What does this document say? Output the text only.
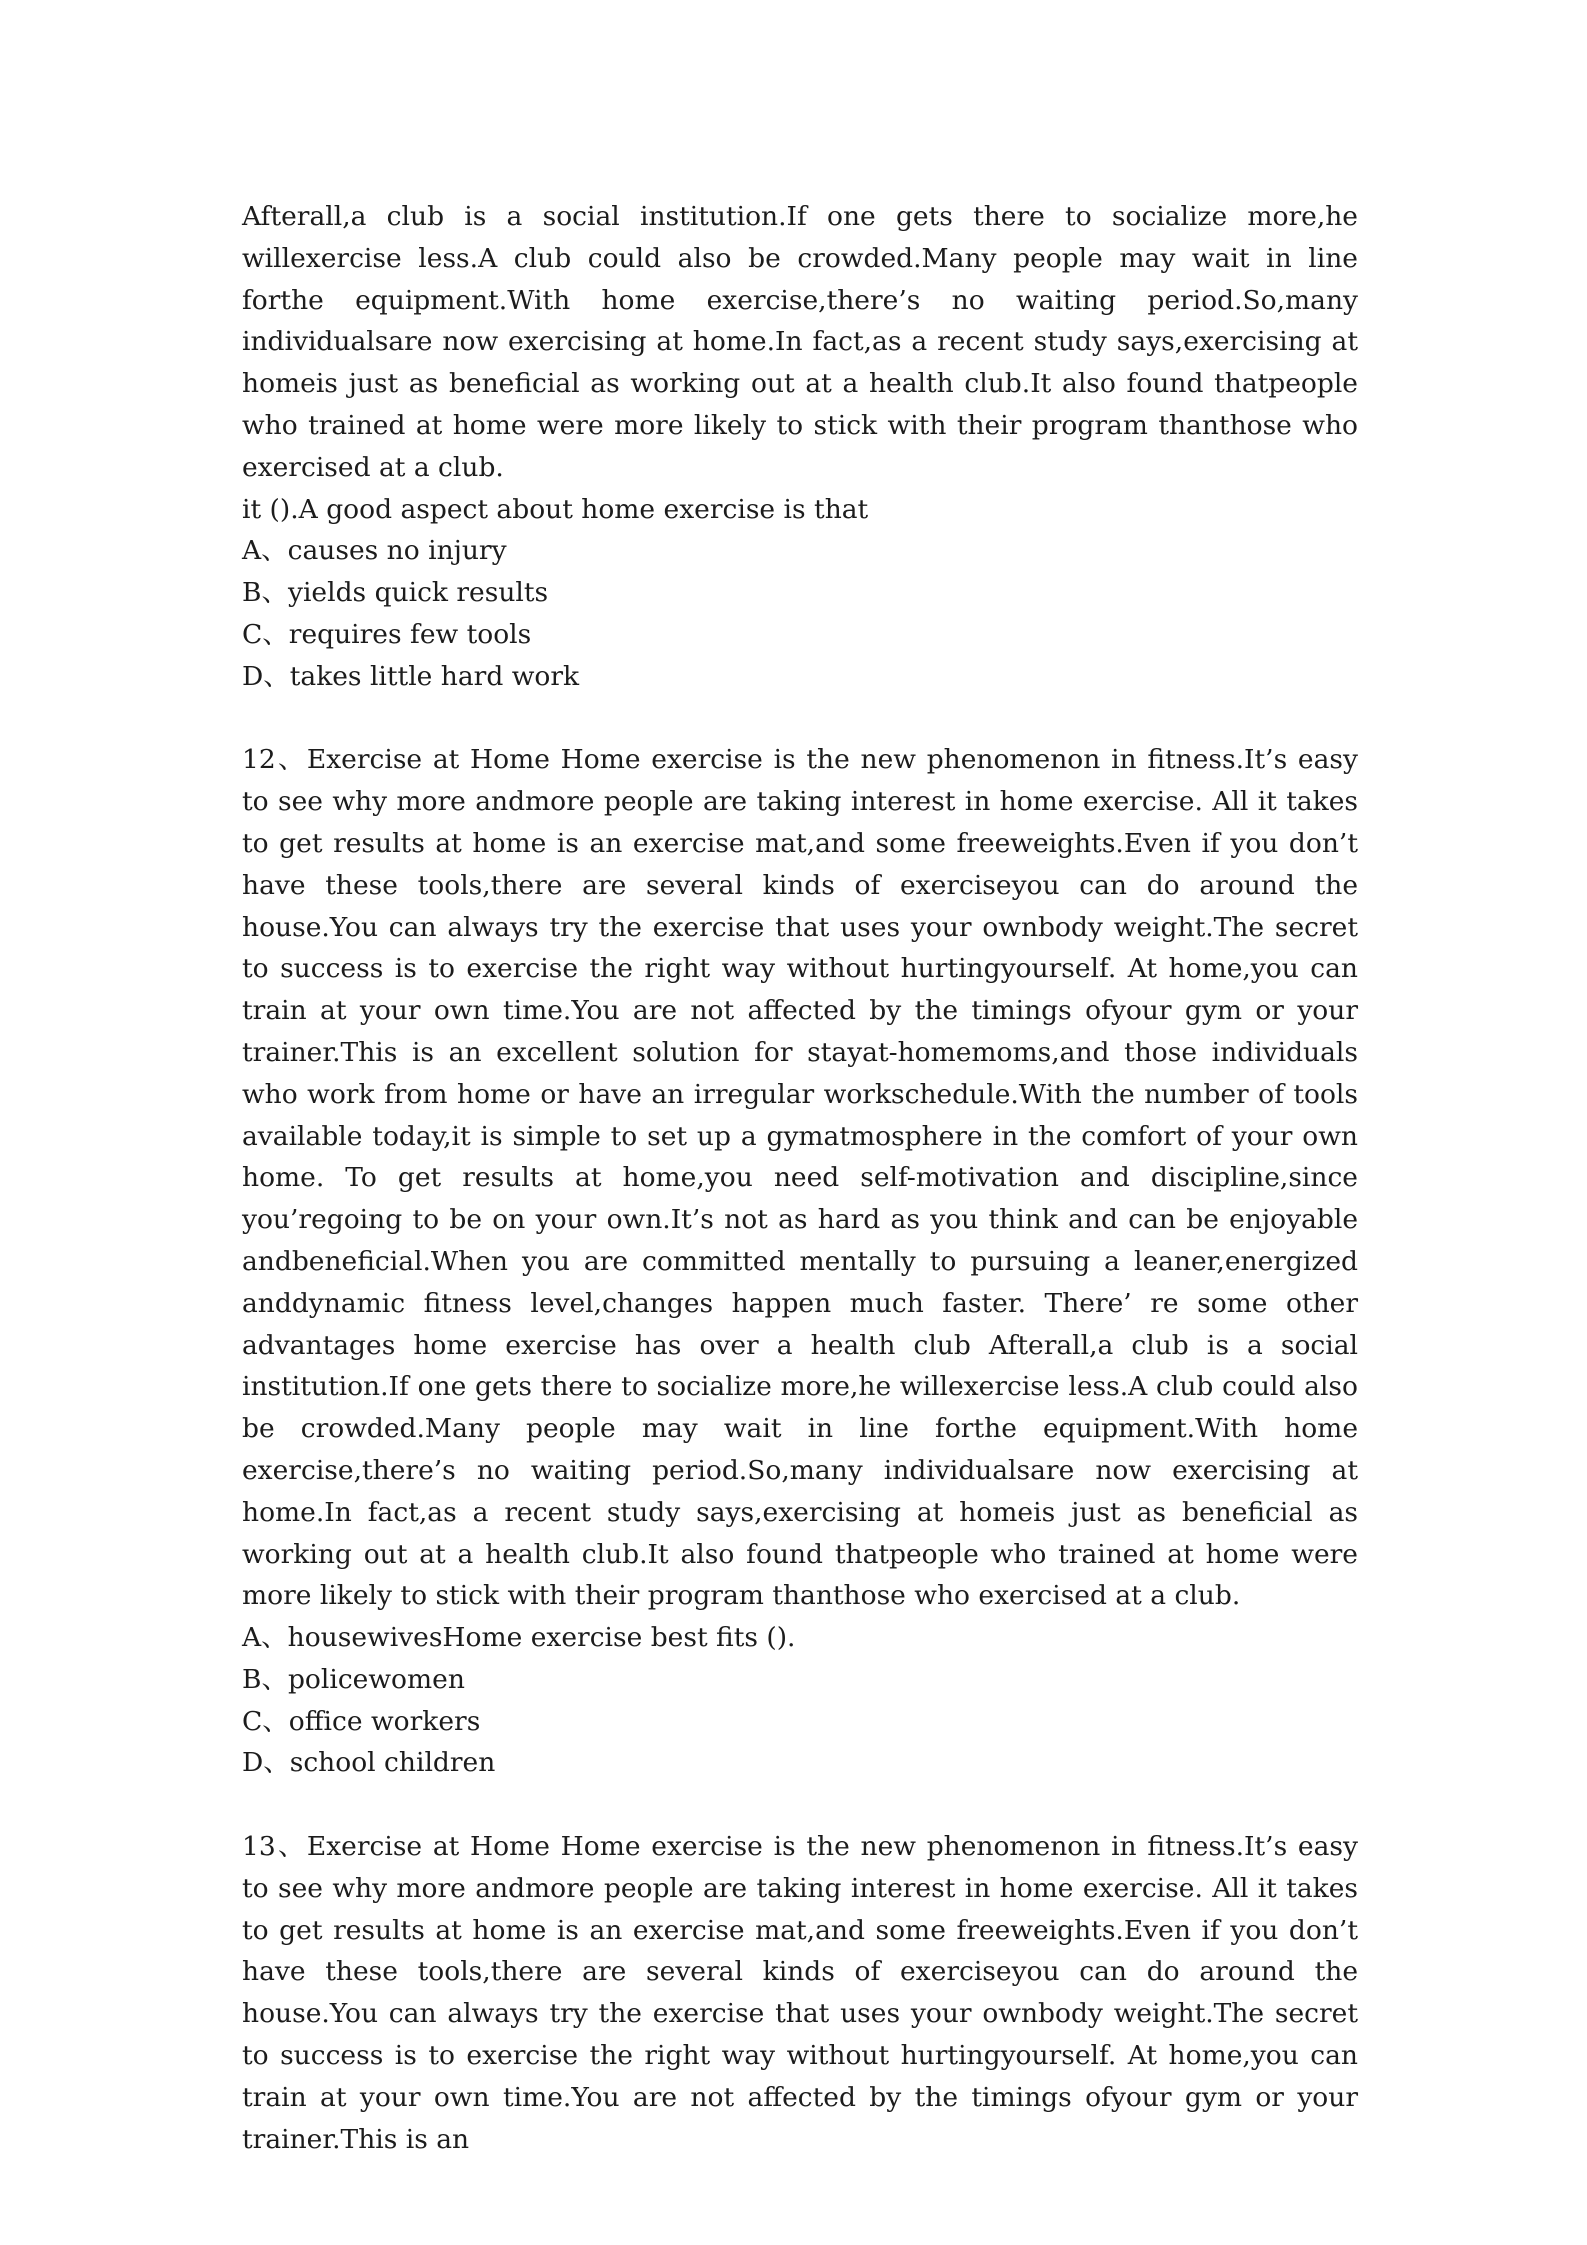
Afterall,a club is a social institution.If one gets there to socialize more,he willexercise less.A club could also be crowded.Many people may wait in line forthe equipment.With home exercise,there’s no waiting period.So,many individualsare now exercising at home.In fact,as a recent study says,exercising at homeis just as beneficial as working out at a health club.It also found thatpeople who trained at home were more likely to stick with their program thanthose who exercised at a club.

it ().A good aspect about home exercise is that

A、causes no injury
B、yields quick results
C、requires few tools
D、takes little hard work

12、Exercise at Home Home exercise is the new phenomenon in fitness.It’s easy to see why more andmore people are taking interest in home exercise. All it takes to get results at home is an exercise mat,and some freeweights.Even if you don’t have these tools,there are several kinds of exerciseyou can do around the house.You can always try the exercise that uses your ownbody weight.The secret to success is to exercise the right way without hurtingyourself. At home,you can train at your own time.You are not affected by the timings ofyour gym or your trainer.This is an excellent solution for stayat-homemoms,and those individuals who work from home or have an irregular workschedule.With the number of tools available today,it is simple to set up a gymatmosphere in the comfort of your own home. To get results at home,you need self-motivation and discipline,since you’regoing to be on your own.It’s not as hard as you think and can be enjoyable andbeneficial.When you are committed mentally to pursuing a leaner,energized anddynamic fitness level,changes happen much faster. There’ re some other advantages home exercise has over a health club Afterall,a club is a social institution.If one gets there to socialize more,he willexercise less.A club could also be crowded.Many people may wait in line forthe equipment.With home exercise,there’s no waiting period.So,many individualsare now exercising at home.In fact,as a recent study says,exercising at homeis just as beneficial as working out at a health club.It also found thatpeople who trained at home were more likely to stick with their program thanthose who exercised at a club.

A、housewivesHome exercise best fits ().
B、policewomen
C、office workers
D、school children

13、Exercise at Home Home exercise is the new phenomenon in fitness.It’s easy to see why more andmore people are taking interest in home exercise. All it takes to get results at home is an exercise mat,and some freeweights.Even if you don’t have these tools,there are several kinds of exerciseyou can do around the house.You can always try the exercise that uses your ownbody weight.The secret to success is to exercise the right way without hurtingyourself. At home,you can train at your own time.You are not affected by the timings ofyour gym or your trainer.This is an
